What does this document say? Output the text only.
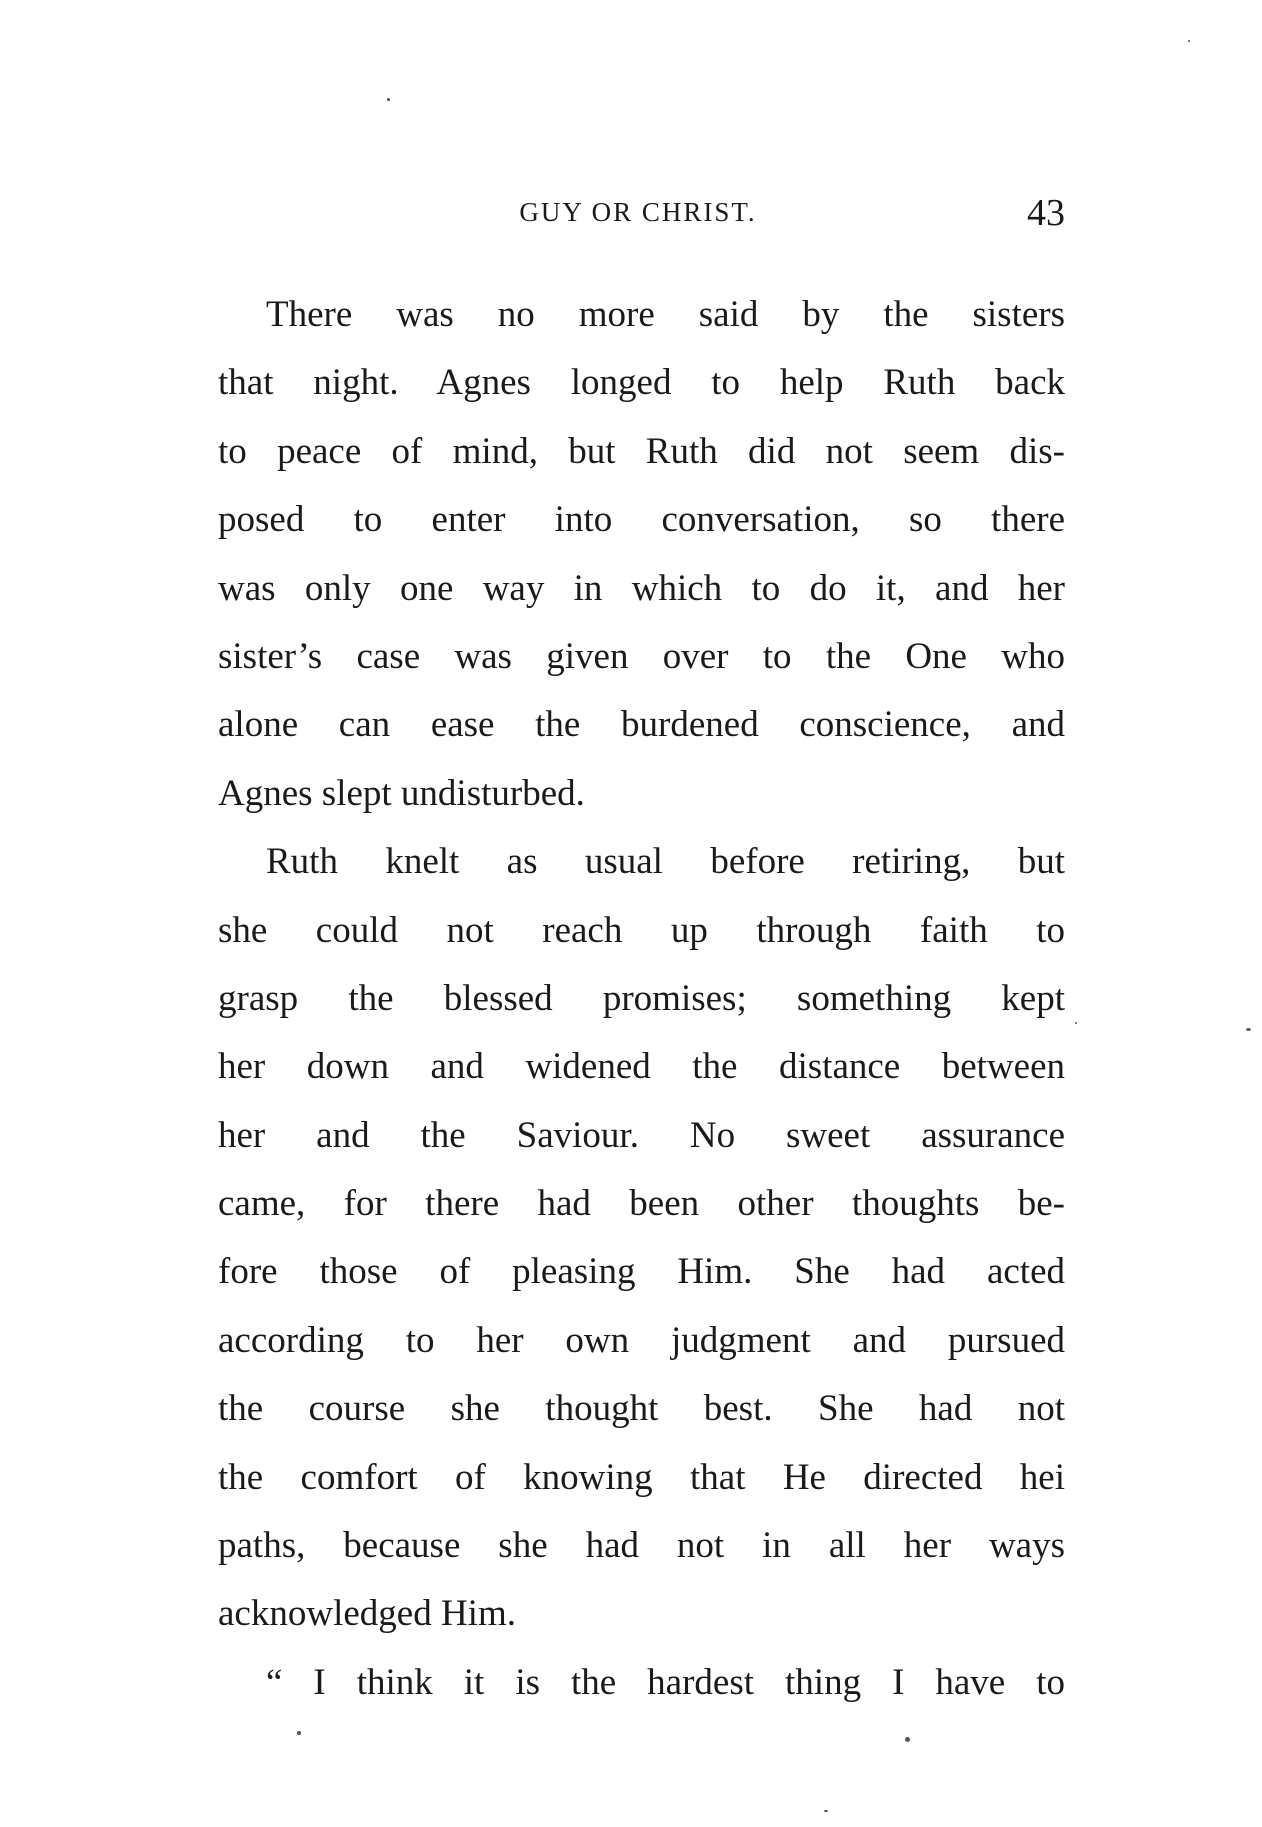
GUY OR CHRIST.	43
There was no more said by the sisters
that night. Agnes longed to help Ruth back
to peace of mind, but Ruth did not seem dis-
posed to enter into conversation, so there
was only one way in which to do it, and her
sister’s case was given over to the One who
alone can ease the burdened conscience, and
Agnes slept undisturbed.
Ruth knelt as usual before retiring, but
she could not reach up through faith to
grasp the blessed promises; something kept
her down and widened the distance between
her and the Saviour. No sweet assurance
came, for there had been other thoughts be-
fore those of pleasing Him. She had acted
according to her own judgment and pursued
the course she thought best. She had not
the comfort of knowing that He directed hei
paths, because she had not in all her ways
acknowledged Him.
“ I think it is the hardest thing I have to
